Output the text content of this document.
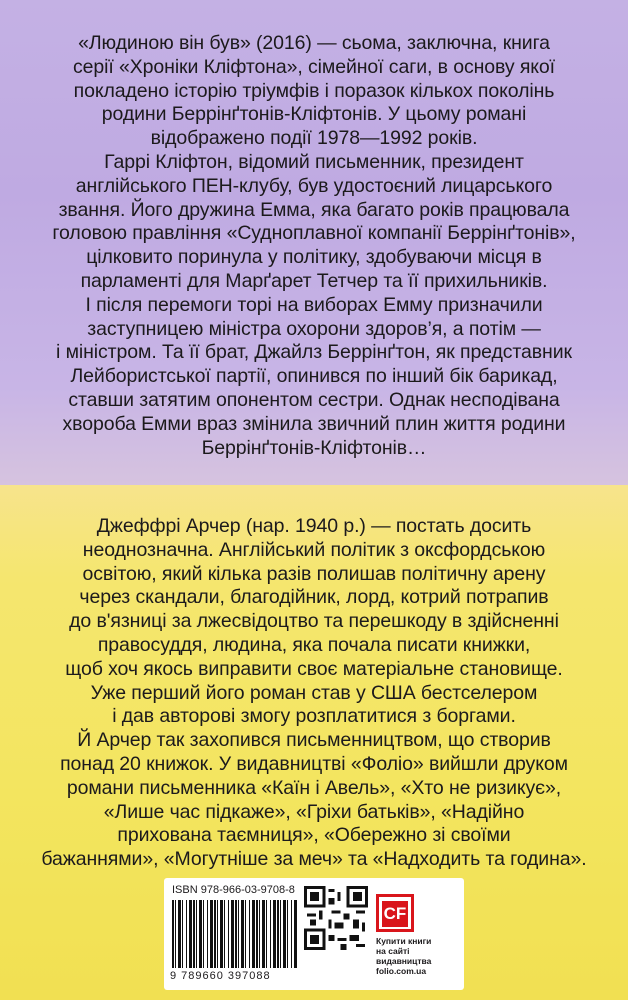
«Людиною він був» (2016) — сьома, заключна, книга
серії «Хроніки Кліфтона», сімейної саги, в основу якої
покладено історію тріумфів і поразок кількох поколінь
родини Беррінґтонів-Кліфтонів. У цьому романі
відображено події 1978—1992 років.
Гаррі Кліфтон, відомий письменник, президент
англійського ПЕН-клубу, був удостоєний лицарського
звання. Його дружина Емма, яка багато років працювала
головою правління «Судноплавної компанії Беррінґтонів»,
цілковито поринула у політику, здобуваючи місця в
парламенті для Марґарет Тетчер та її прихильників.
І після перемоги торі на виборах Емму призначили
заступницею міністра охорони здоров’я, а потім —
і міністром. Та її брат, Джайлз Беррінґтон, як представник
Лейбористської партії, опинився по інший бік барикад,
ставши затятим опонентом сестри. Однак несподівана
хвороба Емми враз змінила звичний плин життя родини
Беррінґтонів-Кліфтонів…
Джеффрі Арчер (нар. 1940 р.) — постать досить
неоднозначна. Англійський політик з оксфордською
освітою, який кілька разів полишав політичну арену
через скандали, благодійник, лорд, котрий потрапив
до в'язниці за лжесвідоцтво та перешкоду в здійсненні
правосуддя, людина, яка почала писати книжки,
щоб хоч якось виправити своє матеріальне становище.
Уже перший його роман став у США бестселером
і дав авторові змогу розплатитися з боргами.
Й Арчер так захопився письменництвом, що створив
понад 20 книжок. У видавництві «Фоліо» вийшли друком
романи письменника «Каїн і Авель», «Хто не ризикує»,
«Лише час підкаже», «Гріхи батьків», «Надійно
прихована таємниця», «Обережно зі своїми
бажаннями», «Могутніше за меч» та «Надходить та година».
ISBN 978-966-03-9708-8
9 789660 397088
CF
Купити книги
на сайті
видавництва
folio.com.ua
